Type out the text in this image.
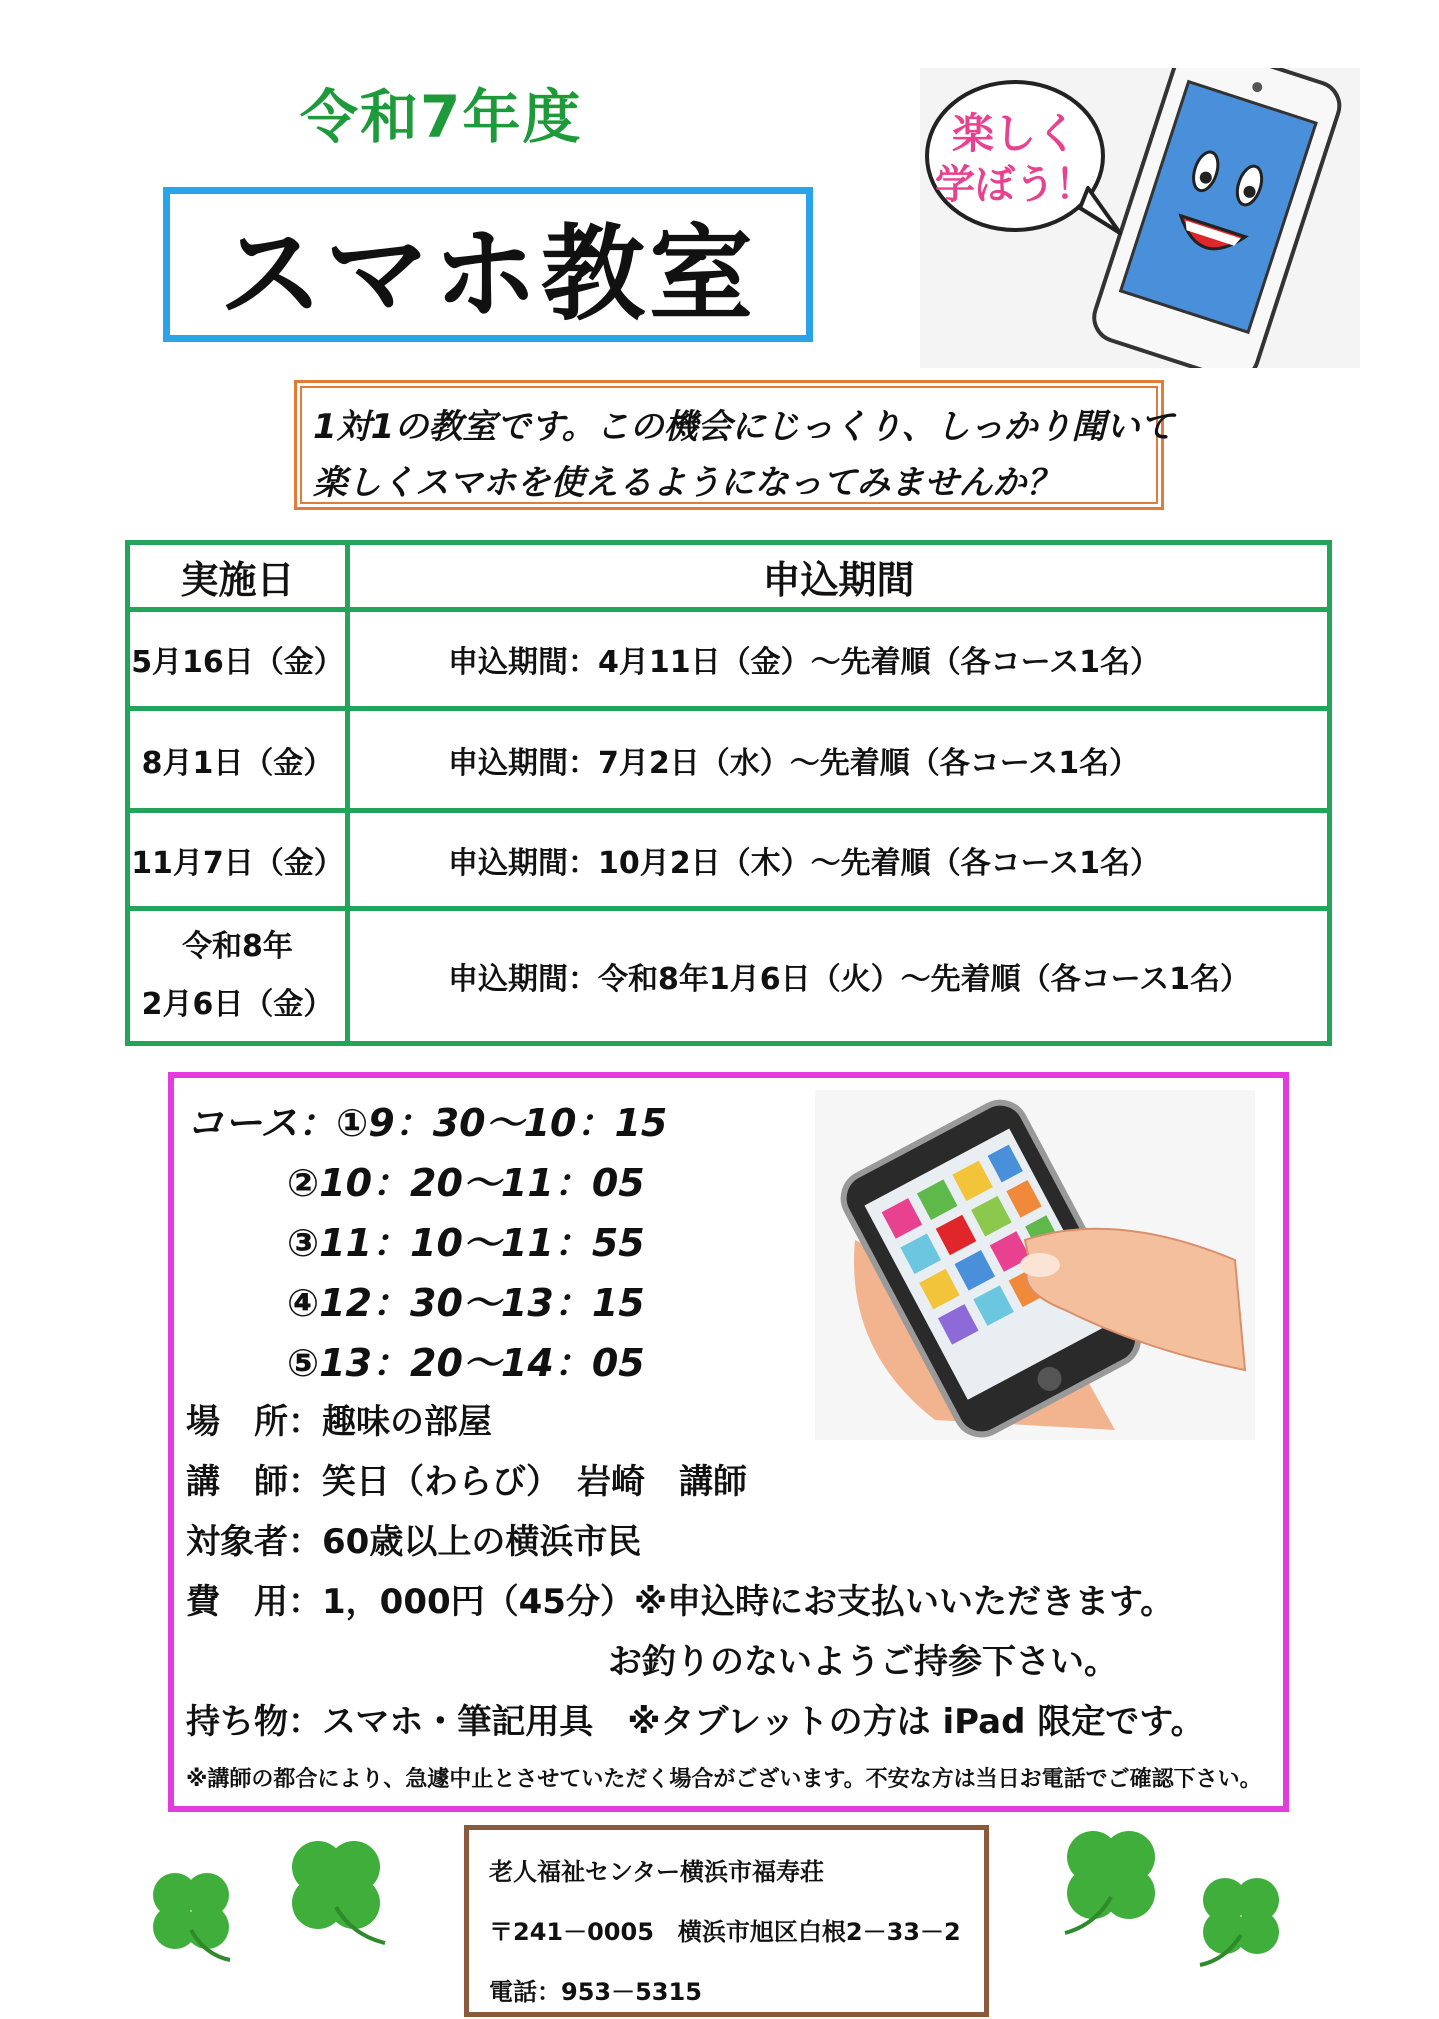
令和7年度
スマホ教室
楽しく
学ぼう！
1対1の教室です。この機会にじっくり、しっかり聞いて
楽しくスマホを使えるようになってみませんか？
実施日	申込期間
5月16日（金）	申込期間：4月11日（金）～先着順（各コース1名）
8月1日（金）	申込期間：7月2日（水）～先着順（各コース1名）
11月7日（金）	申込期間：10月2日（木）～先着順（各コース1名）

令和8年
2月6日（金）	申込期間：令和8年1月6日（火）～先着順（各コース1名）
コース：①9：30～10：15
②10：20～11：05
③11：10～11：55
④12：30～13：15
⑤13：20～14：05
場　所：趣味の部屋
講　師：笑日（わらび）　岩崎　講師
対象者：60歳以上の横浜市民
費　用：1，000円（45分）※申込時にお支払いいただきます。
お釣りのないようご持参下さい。
持ち物：スマホ・筆記用具　※タブレットの方は iPad 限定です。
※講師の都合により、急遽中止とさせていただく場合がございます。不安な方は当日お電話でご確認下さい。
老人福祉センター横浜市福寿荘
〒241－0005　横浜市旭区白根2－33－2
電話：953－5315
